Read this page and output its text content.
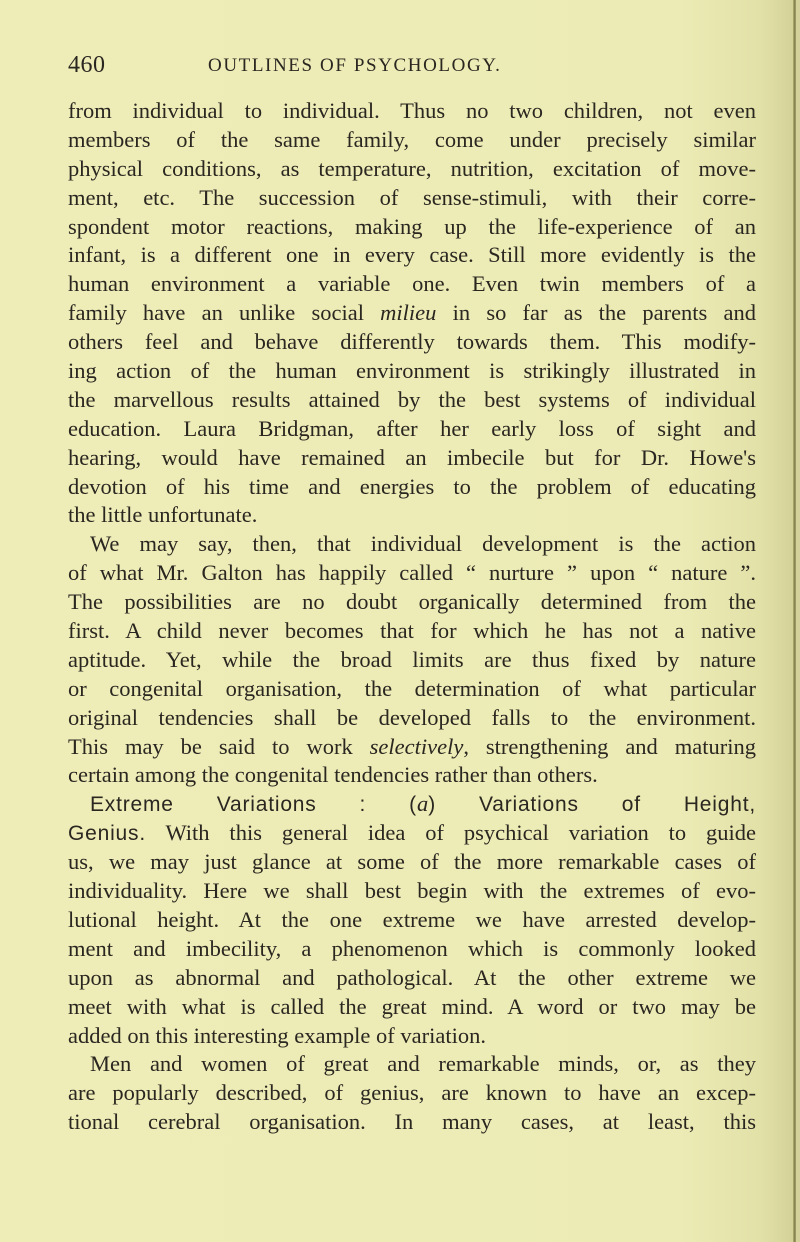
460	OUTLINES OF PSYCHOLOGY.
from individual to individual. Thus no two children, not even
members of the same family, come under precisely similar
physical conditions, as temperature, nutrition, excitation of move-
ment, etc. The succession of sense-stimuli, with their corre-
spondent motor reactions, making up the life-experience of an
infant, is a different one in every case. Still more evidently is the
human environment a variable one. Even twin members of a
family have an unlike social milieu in so far as the parents and
others feel and behave differently towards them. This modify-
ing action of the human environment is strikingly illustrated in
the marvellous results attained by the best systems of individual
education. Laura Bridgman, after her early loss of sight and
hearing, would have remained an imbecile but for Dr. Howe's
devotion of his time and energies to the problem of educating
the little unfortunate.
We may say, then, that individual development is the action
of what Mr. Galton has happily called “ nurture ” upon “ nature ”.
The possibilities are no doubt organically determined from the
first. A child never becomes that for which he has not a native
aptitude. Yet, while the broad limits are thus fixed by nature
or congenital organisation, the determination of what particular
original tendencies shall be developed falls to the environment.
This may be said to work selectively, strengthening and maturing
certain among the congenital tendencies rather than others.
Extreme Variations : (a) Variations of Height,
Genius. With this general idea of psychical variation to guide
us, we may just glance at some of the more remarkable cases of
individuality. Here we shall best begin with the extremes of evo-
lutional height. At the one extreme we have arrested develop-
ment and imbecility, a phenomenon which is commonly looked
upon as abnormal and pathological. At the other extreme we
meet with what is called the great mind. A word or two may be
added on this interesting example of variation.
Men and women of great and remarkable minds, or, as they
are popularly described, of genius, are known to have an excep-
tional cerebral organisation. In many cases, at least, this
